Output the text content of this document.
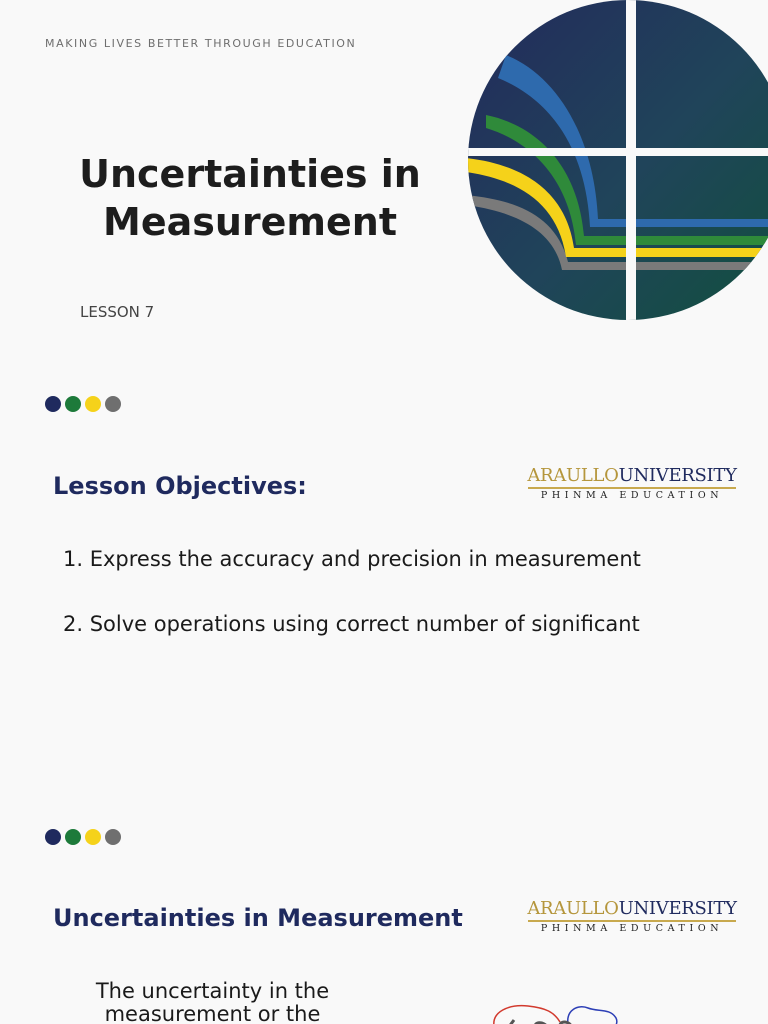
MAKING LIVES BETTER THROUGH EDUCATION
Uncertainties in
Measurement
LESSON 7
Lesson Objectives:	ARAULLOUNIVERSITY
PHINMA EDUCATION
1. Express the accuracy and precision in measurement
2. Solve operations using correct number of significant
Uncertainties in Measurement	ARAULLOUNIVERSITY
PHINMA EDUCATION
The uncertainty in the
measurement or the
